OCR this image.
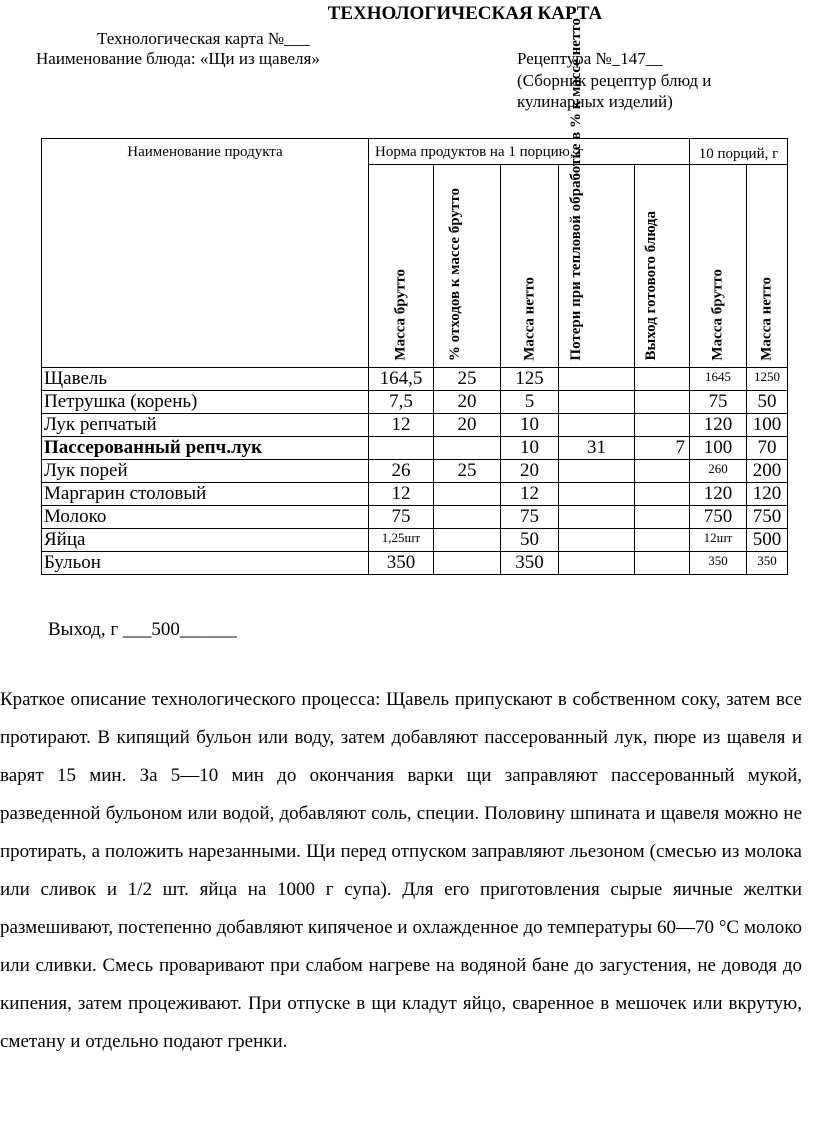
ТЕХНОЛОГИЧЕСКАЯ КАРТА
Технологическая карта №___
Наименование блюда: «Щи из щавеля»	Рецептура №_147__
(Сборник рецептур блюд и
кулинарных изделий)
Наименование продукта	Норма продуктов на 1 порцию, г					10 порций, г	

	Масса брутто	% отходов к массе брутто	Масса нетто	Потери при тепловой обработке в % к массе нетто	Выход готового блюда	Масса брутто	Масса нетто

Щавель	164,5	25	125			1645	1250
Петрушка (корень)	7,5	20	5			75	50
Лук репчатый	12	20	10			120	100
Пассерованный репч.лук			10	31	7	100	70
Лук порей	26	25	20			260	200
Маргарин столовый	12		12			120	120
Молоко	75		75			750	750
Яйца	1,25шт		50			12шт	500
Бульон	350		350			350	350
Выход, г ___500______
Краткое описание технологического процесса: Щавель припускают в собственном соку, затем все протирают. В кипящий бульон или воду, затем добавляют пассерованный лук, пюре из щавеля и варят 15 мин. За 5—10 мин до окончания варки щи заправляют пассерованный мукой, разведенной бульоном или водой, добавляют соль, специи. Половину шпината и щавеля можно не протирать, а положить нарезанными. Щи перед отпуском заправляют льезоном (смесью из молока или сливок и 1/2 шт. яйца на 1000 г супа). Для его приготовления сырые яичные желтки размешивают, постепенно добавляют кипяченое и охлажденное до температуры 60—70 °С молоко или сливки. Смесь проваривают при слабом нагреве на водяной бане до загустения, не доводя до кипения, затем процеживают. При отпуске в щи кладут яйцо, сваренное в мешочек или вкрутую, сметану и отдельно подают гренки.
